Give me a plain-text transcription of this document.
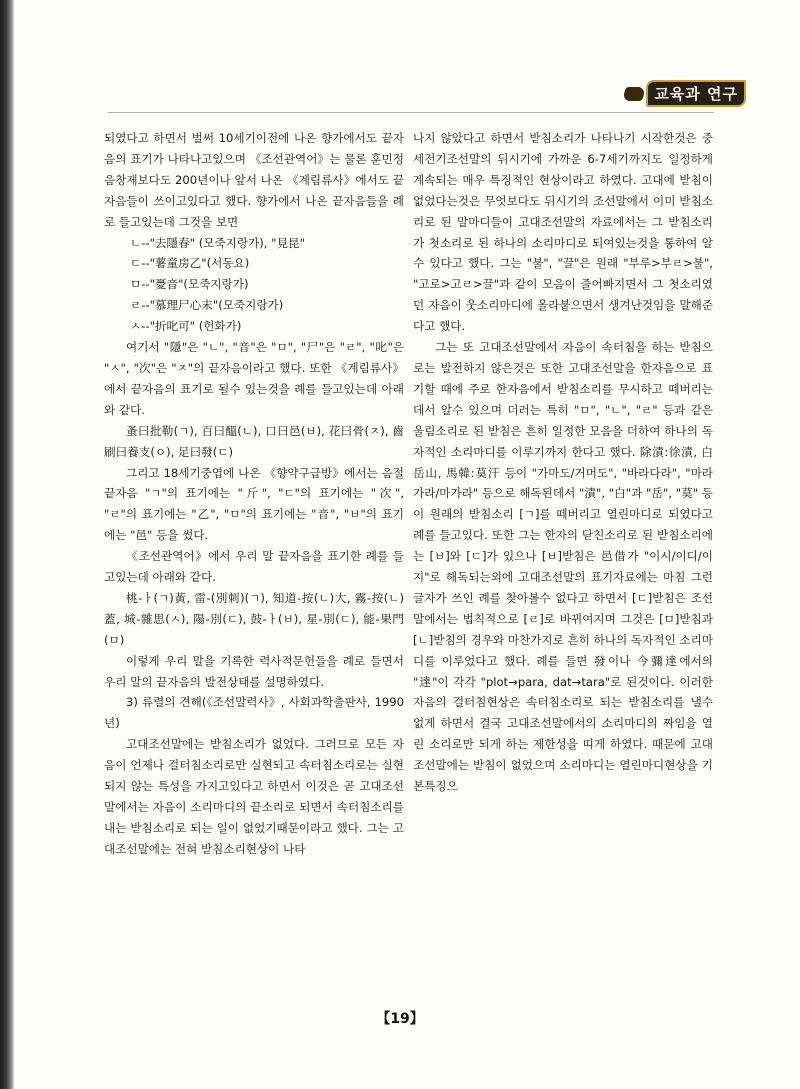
교육과 연구

되였다고 하면서 벌써 10세기이전에 나온 향가에서도 끝자음의 표기가 나타나고있으며 《조선관역어》는 물론 훈민정음창제보다도 200년이나 앞서 나온 《계림류사》에서도 끝자음들이 쓰이고있다고 했다. 향가에서 나온 끝자음들을 례로 들고있는데 그것을 보면

ㄴ--"去隱春" (모죽지랑가), "見昆"

ㄷ--"薯童房乙"(서동요)

ㅁ--"憂音"(모죽지랑가)

ㄹ--"慕理尸心末"(모죽지랑가)

ㅅ--"折叱可" (헌화가)

여기서 "隱"은 "ㄴ", "音"은 "ㅁ", "尸"은 "ㄹ", "叱"은 "ㅅ", "次"은 "ㅈ"의 끝자음이라고 했다. 또한 《계림류사》에서 끝자음의 표기로 될수 있는것을 례를 들고있는데 아래와 같다.

蚤曰批勒(ㄱ), 百曰醞(ㄴ), 口曰邑(ㅂ), 花曰骨(ㅈ), 齒刷曰養支(ㅇ), 足曰發(ㄷ)

그리고 18세기중엽에 나온 《향약구급방》에서는 음절끝자음 "ㄱ"의 표기에는 "斤", "ㄷ"의 표기에는 "次", "ㄹ"의 표기에는 "乙", "ㅁ"의 표기에는 "音", "ㅂ"의 표기에는 "邑" 등을 썼다.

《조선관역어》에서 우리 말 끝자음을 표기한 례를 들고있는데 아래와 같다.

桃-ㅏ(ㄱ)黃, 雷-(別刺)(ㄱ), 知道-按(ㄴ)大, 霧-按(ㄴ)蓋, 城-雜思(ㅅ), 陽-別(ㄷ), 鼓-ㅏ(ㅂ), 星-別(ㄷ), 能-果門(ㅁ)

이렇게 우리 말을 기록한 력사적문헌들을 례로 들면서 우리 말의 끝자음의 발전상태를 설명하였다.

3) 류렬의 견해(《조선말력사》, 사회과학출판사, 1990년)

고대조선말에는 받침소리가 없었다. 그러므로 모든 자음이 언제나 걸터침소리로만 실현되고 속터침소리로는 실현되지 않는 특성을 가지고있다고 하면서 이것은 곧 고대조선말에서는 자음이 소리마디의 끝소리로 되면서 속터침소리를 내는 받침소리로 되는 일이 없었기때문이라고 했다. 그는 고대조선말에는 전혀 받침소리현상이 나타

나지 않았다고 하면서 받침소리가 나타나기 시작한것은 중세전기조선말의 뒤시기에 가까운 6-7세기까지도 일정하게 계속되는 매우 특징적인 현상이라고 하였다. 고대에 받침이 없었다는것은 무엇보다도 뒤시기의 조선말에서 이미 받침소리로 된 말마디들이 고대조선말의 자료에서는 그 받침소리가 첫소리로 된 하나의 소리마디로 되여있는것을 통하여 알수 있다고 했다. 그는 "불", "끌"은 원래 "부루>부ㄹ>불", "고로>고ㄹ>끌"과 같이 모음이 줄어빠지면서 그 첫소리였던 자음이 웃소리마디에 올라붙으면서 생겨난것임을 말해준다고 했다.

그는 또 고대조선말에서 자음이 속터침을 하는 받침으로는 발전하지 않은것은 또한 고대조선말을 한자음으로 표기할 때에 주로 한자음에서 받침소리를 무시하고 떼버리는데서 알수 있으며 더러는 특히 "ㅁ", "ㄴ", "ㄹ" 등과 같은 울림소리로 된 받침은 흔히 일정한 모음을 더하여 하나의 독자적인 소리마디를 이루기까지 한다고 했다. 除漬:徐漬, 白岳山, 馬韓:莫汗 등이 "가마도/거머도", "바라다라", "마라가라/마가라" 등으로 해독된데서 "漬", "白"과 "岳", "莫" 등이 원래의 받침소리 [ㄱ]를 떼버리고 열린마디로 되였다고 례를 들고있다. 또한 그는 한자의 닫친소리로 된 받침소리에는 [ㅂ]와 [ㄷ]가 있으나 [ㅂ]받침은 邑借가 "이시/이디/이지"로 해독되는외에 고대조선말의 표기자료에는 마침 그런 글자가 쓰인 례를 찾아볼수 없다고 하면서 [ㄷ]받침은 조선말에서는 법칙적으로 [ㄹ]로 바뀌여지며 그것은 [ㅁ]받침과 [ㄴ]받침의 경우와 마찬가지로 흔히 하나의 독자적인 소리마디를 이루었다고 했다. 례를 들면 發이나 今彌達에서의 "達"이 각각 "plot→para, dat→tara"로 된것이다. 이러한 자음의 걸터침현상은 속터침소리로 되는 받침소리를 낼수 없게 하면서 결국 고대조선말에서의 소리마디의 짜임을 열린 소리로만 되게 하는 제한성을 띠게 하였다. 때문에 고대조선말에는 받침이 없었으며 소리마디는 열린마디현상을 기본특징으

【19】
